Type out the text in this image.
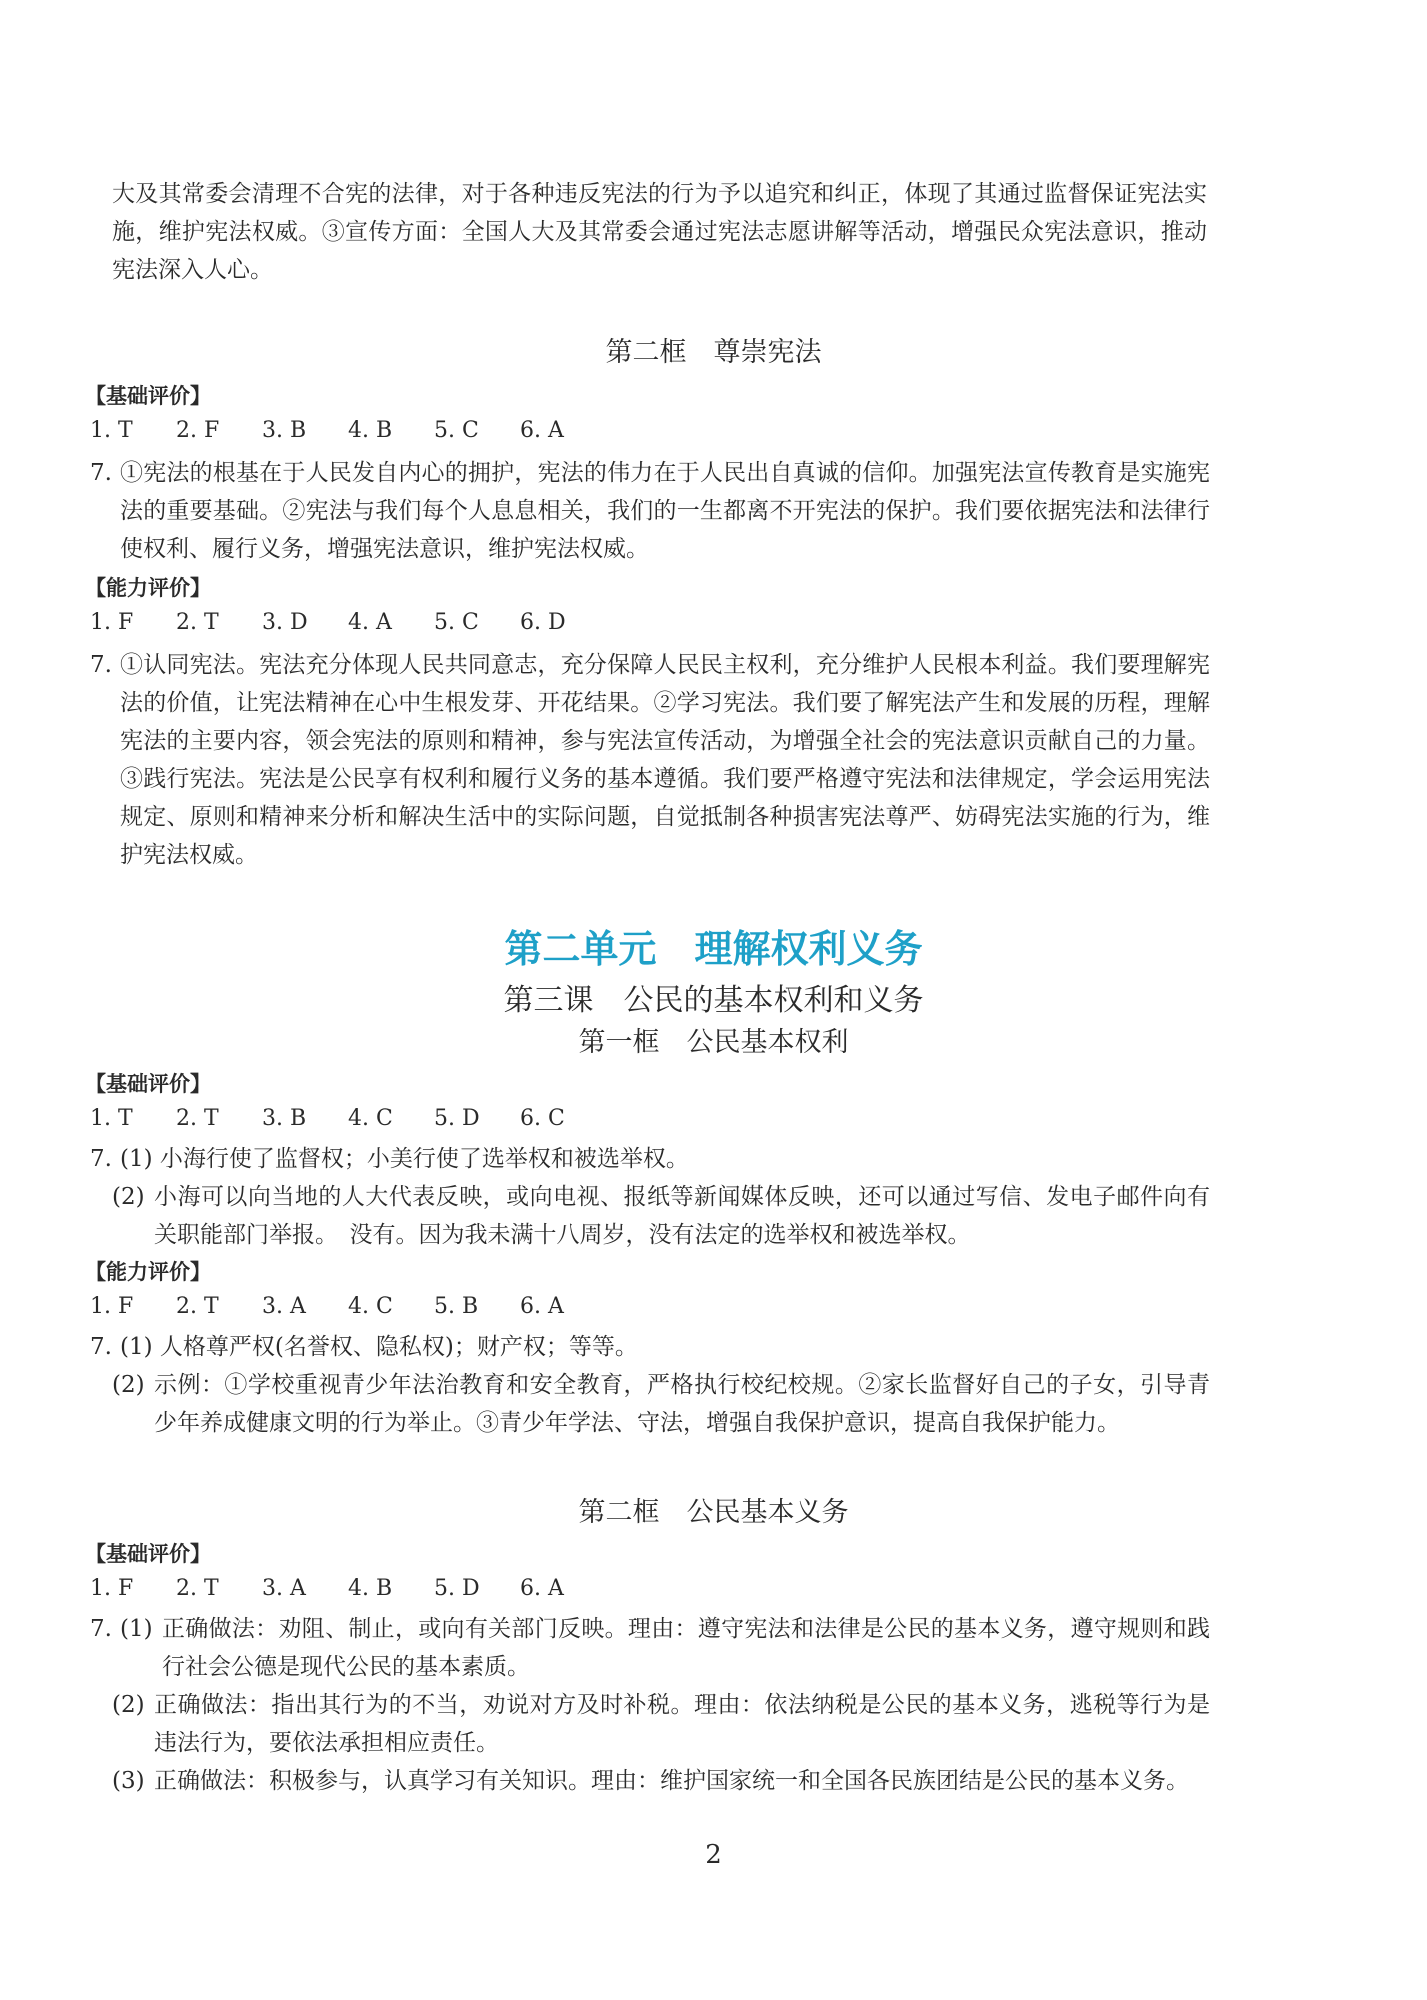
大及其常委会清理不合宪的法律，对于各种违反宪法的行为予以追究和纠正，体现了其通过监督保证宪法实施，维护宪法权威。③宣传方面：全国人大及其常委会通过宪法志愿讲解等活动，增强民众宪法意识，推动宪法深入人心。
第二框　尊崇宪法
【基础评价】
1. T	2. F	3. B	4. B	5. C	6. A
7. ①宪法的根基在于人民发自内心的拥护，宪法的伟力在于人民出自真诚的信仰。加强宪法宣传教育是实施宪法的重要基础。②宪法与我们每个人息息相关，我们的一生都离不开宪法的保护。我们要依据宪法和法律行使权利、履行义务，增强宪法意识，维护宪法权威。
【能力评价】
1. F	2. T	3. D	4. A	5. C	6. D
7. ①认同宪法。宪法充分体现人民共同意志，充分保障人民民主权利，充分维护人民根本利益。我们要理解宪法的价值，让宪法精神在心中生根发芽、开花结果。②学习宪法。我们要了解宪法产生和发展的历程，理解宪法的主要内容，领会宪法的原则和精神，参与宪法宣传活动，为增强全社会的宪法意识贡献自己的力量。③践行宪法。宪法是公民享有权利和履行义务的基本遵循。我们要严格遵守宪法和法律规定，学会运用宪法规定、原则和精神来分析和解决生活中的实际问题，自觉抵制各种损害宪法尊严、妨碍宪法实施的行为，维护宪法权威。
第二单元　理解权利义务
第三课　公民的基本权利和义务
第一框　公民基本权利
【基础评价】
1. T	2. T	3. B	4. C	5. D	6. C
7. (1) 小海行使了监督权；小美行使了选举权和被选举权。
(2) 小海可以向当地的人大代表反映，或向电视、报纸等新闻媒体反映，还可以通过写信、发电子邮件向有关职能部门举报。　没有。因为我未满十八周岁，没有法定的选举权和被选举权。
【能力评价】
1. F	2. T	3. A	4. C	5. B	6. A
7. (1) 人格尊严权(名誉权、隐私权)；财产权；等等。
(2) 示例：①学校重视青少年法治教育和安全教育，严格执行校纪校规。②家长监督好自己的子女，引导青少年养成健康文明的行为举止。③青少年学法、守法，增强自我保护意识，提高自我保护能力。
第二框　公民基本义务
【基础评价】
1. F	2. T	3. A	4. B	5. D	6. A
7. (1) 正确做法：劝阻、制止，或向有关部门反映。理由：遵守宪法和法律是公民的基本义务，遵守规则和践行社会公德是现代公民的基本素质。
(2) 正确做法：指出其行为的不当，劝说对方及时补税。理由：依法纳税是公民的基本义务，逃税等行为是违法行为，要依法承担相应责任。
(3) 正确做法：积极参与，认真学习有关知识。理由：维护国家统一和全国各民族团结是公民的基本义务。
2
